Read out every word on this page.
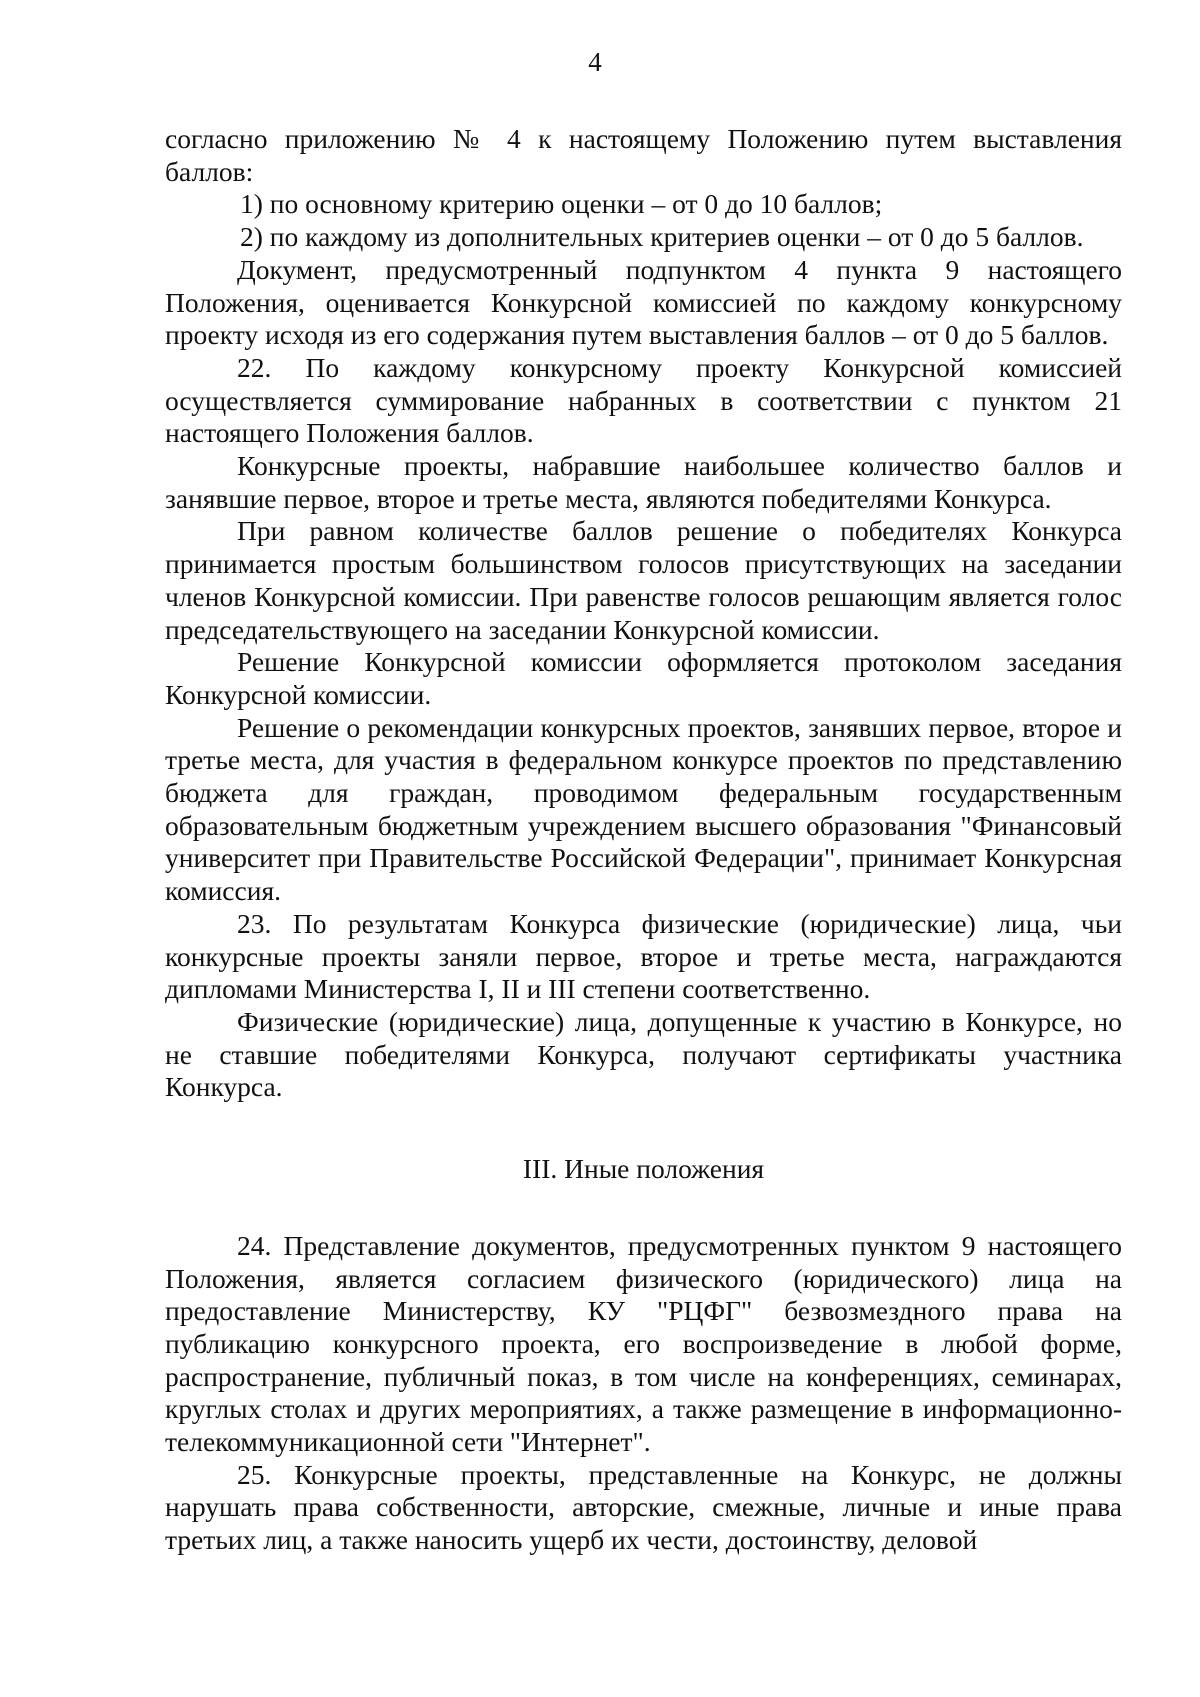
4

согласно приложению № 4 к настоящему Положению путем выставления баллов:

1) по основному критерию оценки – от 0 до 10 баллов;

2) по каждому из дополнительных критериев оценки – от 0 до 5 баллов.

Документ, предусмотренный подпунктом 4 пункта 9 настоящего Положения, оценивается Конкурсной комиссией по каждому конкурсному проекту исходя из его содержания путем выставления баллов – от 0 до 5 баллов.

22. По каждому конкурсному проекту Конкурсной комиссией осуществляется суммирование набранных в соответствии с пунктом 21 настоящего Положения баллов.

Конкурсные проекты, набравшие наибольшее количество баллов и занявшие первое, второе и третье места, являются победителями Конкурса.

При равном количестве баллов решение о победителях Конкурса принимается простым большинством голосов присутствующих на заседании членов Конкурсной комиссии. При равенстве голосов решающим является голос председательствующего на заседании Конкурсной комиссии.

Решение Конкурсной комиссии оформляется протоколом заседания Конкурсной комиссии.

Решение о рекомендации конкурсных проектов, занявших первое, второе и третье места, для участия в федеральном конкурсе проектов по представлению бюджета для граждан, проводимом федеральным государственным образовательным бюджетным учреждением высшего образования "Финансовый университет при Правительстве Российской Федерации", принимает Конкурсная комиссия.

23. По результатам Конкурса физические (юридические) лица, чьи конкурсные проекты заняли первое, второе и третье места, награждаются дипломами Министерства I, II и III степени соответственно.

Физические (юридические) лица, допущенные к участию в Конкурсе, но не ставшие победителями Конкурса, получают сертификаты участника Конкурса.

III. Иные положения

24. Представление документов, предусмотренных пунктом 9 настоящего Положения, является согласием физического (юридического) лица на предоставление Министерству, КУ "РЦФГ" безвозмездного права на публикацию конкурсного проекта, его воспроизведение в любой форме, распространение, публичный показ, в том числе на конференциях, семинарах, круглых столах и других мероприятиях, а также размещение в информационно-телекоммуникационной сети "Интернет".

25. Конкурсные проекты, представленные на Конкурс, не должны нарушать права собственности, авторские, смежные, личные и иные права третьих лиц, а также наносить ущерб их чести, достоинству, деловой
